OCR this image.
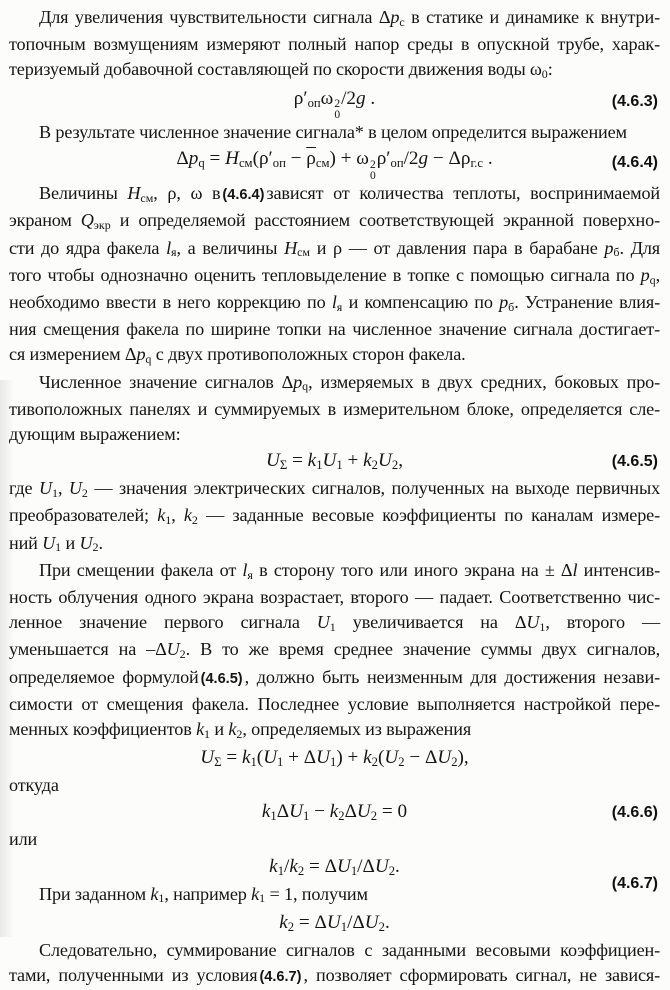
Для увеличения чувствительности сигнала Δpс в статике и динамике к внутри-
топочным возмущениям измеряют полный напор среды в опускной трубе, харак-
теризуемый добавочной составляющей по скорости движения воды ω0:
ρ′опω 2
0
/2g .	(4.6.3)
В результате численное значение сигнала* в целом определится выражением
$\Delta pq = Hсм(\rho'оп - \overline{\rho}см) + \omega$ 2
0
ρ′оп/2g − Δρг.с .	(4.6.4)
Величины Hсм, ρ, ω в (4.6.4) зависят от количества теплоты, воспринимаемой
экраном Qэкр и определяемой расстоянием соответствующей экранной поверхно-
сти до ядра факела lя, а величины Hсм и ρ — от давления пара в барабане pб. Для
того чтобы однозначно оценить тепловыделение в топке с помощью сигнала по pq,
необходимо ввести в него коррекцию по lя и компенсацию по pб. Устранение влия-
ния смещения факела по ширине топки на численное значение сигнала достигает-
ся измерением Δpq с двух противоположных сторон факела.
Численное значение сигналов Δpq, измеряемых в двух средних, боковых про-
тивоположных панелях и суммируемых в измерительном блоке, определяется сле-
дующим выражением:
UΣ = k1U1 + k2U2,	(4.6.5)
где U1, U2 — значения электрических сигналов, полученных на выходе первичных
преобразователей; k1, k2 — заданные весовые коэффициенты по каналам измере-
ний U1 и U2.
При смещении факела от lя в сторону того или иного экрана на ± Δl интенсив-
ность облучения одного экрана возрастает, второго — падает. Соответственно чис-
ленное значение первого сигнала U1 увеличивается на ΔU1, второго —
уменьшается на –ΔU2. В то же время среднее значение суммы двух сигналов,
определяемое формулой (4.6.5) , должно быть неизменным для достижения незави-
симости от смещения факела. Последнее условие выполняется настройкой пере-
менных коэффициентов k1 и k2, определяемых из выражения
UΣ = k1(U1 + ΔU1) + k2(U2 − ΔU2),
откуда
k1ΔU1 − k2ΔU2 = 0	(4.6.6)
или
k1/k2 = ΔU1/ΔU2.
(4.6.7)
При заданном k1, например k1 = 1, получим
k2 = ΔU1/ΔU2.
Следовательно, суммирование сигналов с заданными весовыми коэффициен-
тами, полученными из условия (4.6.7) , позволяет сформировать сигнал, не завися-
